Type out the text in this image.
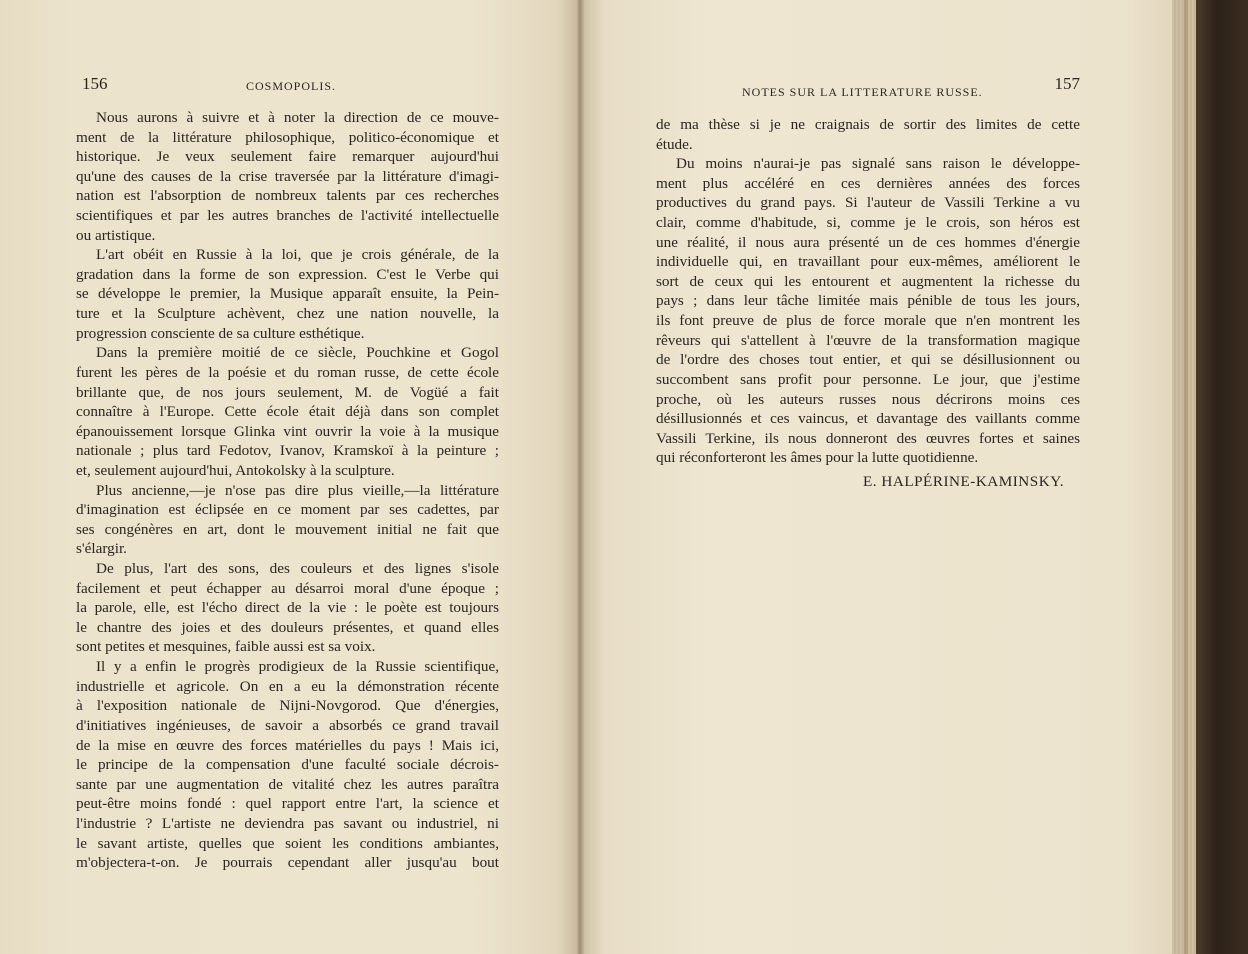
156	COSMOPOLIS.
Nous aurons à suivre et à noter la direction de ce mouve-
ment de la littérature philosophique, politico-économique et
historique. Je veux seulement faire remarquer aujourd'hui
qu'une des causes de la crise traversée par la littérature d'imagi-
nation est l'absorption de nombreux talents par ces recherches
scientifiques et par les autres branches de l'activité intellectuelle
ou artistique.
L'art obéit en Russie à la loi, que je crois générale, de la
gradation dans la forme de son expression. C'est le Verbe qui
se développe le premier, la Musique apparaît ensuite, la Pein-
ture et la Sculpture achèvent, chez une nation nouvelle, la
progression consciente de sa culture esthétique.
Dans la première moitié de ce siècle, Pouchkine et Gogol
furent les pères de la poésie et du roman russe, de cette école
brillante que, de nos jours seulement, M. de Vogüé a fait
connaître à l'Europe. Cette école était déjà dans son complet
épanouissement lorsque Glinka vint ouvrir la voie à la musique
nationale ; plus tard Fedotov, Ivanov, Kramskoï à la peinture ;
et, seulement aujourd'hui, Antokolsky à la sculpture.
Plus ancienne,—je n'ose pas dire plus vieille,—la littérature
d'imagination est éclipsée en ce moment par ses cadettes, par
ses congénères en art, dont le mouvement initial ne fait que
s'élargir.
De plus, l'art des sons, des couleurs et des lignes s'isole
facilement et peut échapper au désarroi moral d'une époque ;
la parole, elle, est l'écho direct de la vie : le poète est toujours
le chantre des joies et des douleurs présentes, et quand elles
sont petites et mesquines, faible aussi est sa voix.
Il y a enfin le progrès prodigieux de la Russie scientifique,
industrielle et agricole. On en a eu la démonstration récente
à l'exposition nationale de Nijni-Novgorod. Que d'énergies,
d'initiatives ingénieuses, de savoir a absorbés ce grand travail
de la mise en œuvre des forces matérielles du pays ! Mais ici,
le principe de la compensation d'une faculté sociale décrois-
sante par une augmentation de vitalité chez les autres paraîtra
peut-être moins fondé : quel rapport entre l'art, la science et
l'industrie ? L'artiste ne deviendra pas savant ou industriel, ni
le savant artiste, quelles que soient les conditions ambiantes,
m'objectera-t-on. Je pourrais cependant aller jusqu'au bout
NOTES SUR LA LITTERATURE RUSSE.	157
de ma thèse si je ne craignais de sortir des limites de cette
étude.
Du moins n'aurai-je pas signalé sans raison le développe-
ment plus accéléré en ces dernières années des forces
productives du grand pays. Si l'auteur de Vassili Terkine a vu
clair, comme d'habitude, si, comme je le crois, son héros est
une réalité, il nous aura présenté un de ces hommes d'énergie
individuelle qui, en travaillant pour eux-mêmes, améliorent le
sort de ceux qui les entourent et augmentent la richesse du
pays ; dans leur tâche limitée mais pénible de tous les jours,
ils font preuve de plus de force morale que n'en montrent les
rêveurs qui s'attellent à l'œuvre de la transformation magique
de l'ordre des choses tout entier, et qui se désillusionnent ou
succombent sans profit pour personne. Le jour, que j'estime
proche, où les auteurs russes nous décrirons moins ces
désillusionnés et ces vaincus, et davantage des vaillants comme
Vassili Terkine, ils nous donneront des œuvres fortes et saines
qui réconforteront les âmes pour la lutte quotidienne.
E. HALPÉRINE-KAMINSKY.
